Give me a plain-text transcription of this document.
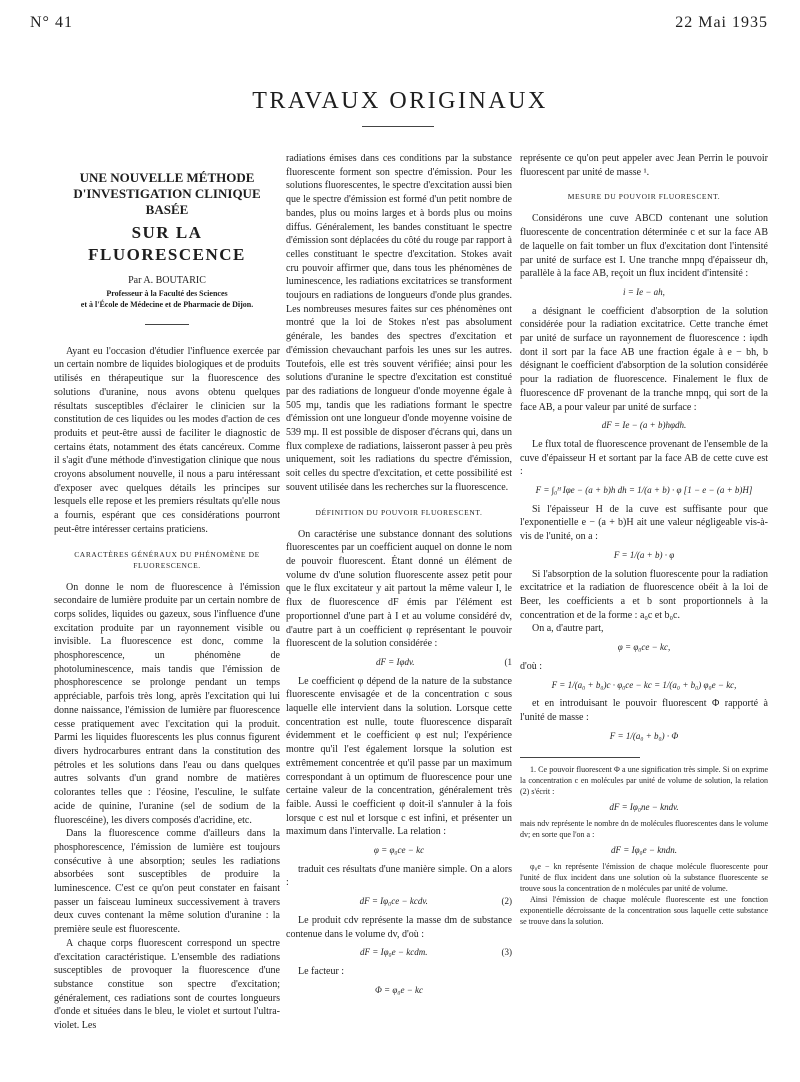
N° 41	22 Mai 1935
TRAVAUX ORIGINAUX
UNE NOUVELLE MÉTHODE
D'INVESTIGATION CLINIQUE
BASÉE
SUR LA FLUORESCENCE
Par A. BOUTARIC
Professeur à la Faculté des Sciences
et à l'École de Médecine et de Pharmacie de Dijon.

Ayant eu l'occasion d'étudier l'influence exercée par un certain nombre de liquides biologiques et de produits utilisés en thérapeutique sur la fluorescence des solutions d'uranine, nous avons obtenu quelques résultats susceptibles d'éclairer le clinicien sur la constitution de ces liquides ou les modes d'action de ces produits et peut-être aussi de faciliter le diagnostic de certains états, notamment des états cancéreux. Comme il s'agit d'une méthode d'investigation clinique que nous croyons absolument nouvelle, il nous a paru intéressant d'exposer avec quelques détails les principes sur lesquels elle repose et les premiers résultats qu'elle nous a fournis, espérant que ces considérations pourront peut-être intéresser certains praticiens.

CARACTÈRES GÉNÉRAUX DU PHÉNOMÈNE DE FLUORESCENCE.

On donne le nom de fluorescence à l'émission secondaire de lumière produite par un certain nombre de corps solides, liquides ou gazeux, sous l'influence d'une excitation produite par un rayonnement visible ou invisible. La fluorescence est donc, comme la phosphorescence, un phénomène de photoluminescence, mais tandis que l'émission de phosphorescence se prolonge pendant un temps appréciable, parfois très long, après l'excitation qui lui donne naissance, l'émission de lumière par fluorescence cesse pratiquement avec l'excitation qui la produit. Parmi les liquides fluorescents les plus connus figurent divers hydrocarbures entrant dans la constitution des pétroles et les solutions dans l'eau ou dans quelques autres solvants d'un grand nombre de matières colorantes telles que : l'éosine, l'esculine, le sulfate acide de quinine, l'uranine (sel de sodium de la fluorescéine), les divers composés d'acridine, etc.

Dans la fluorescence comme d'ailleurs dans la phosphorescence, l'émission de lumière est toujours consécutive à une absorption; seules les radiations absorbées sont susceptibles de produire la luminescence. C'est ce qu'on peut constater en faisant passer un faisceau lumineux successivement à travers deux cuves contenant la même solution d'uranine : la première seule est fluorescente.

A chaque corps fluorescent correspond un spectre d'excitation caractéristique. L'ensemble des radiations susceptibles de provoquer la fluorescence d'une substance constitue son spectre d'excitation; généralement, ces radiations sont de courtes longueurs d'onde et situées dans le bleu, le violet et surtout l'ultra-violet. Les

radiations émises dans ces conditions par la substance fluorescente forment son spectre d'émission. Pour les solutions fluorescentes, le spectre d'excitation aussi bien que le spectre d'émission est formé d'un petit nombre de bandes, plus ou moins larges et à bords plus ou moins diffus. Généralement, les bandes constituant le spectre d'émission sont déplacées du côté du rouge par rapport à celles constituant le spectre d'excitation. Stokes avait cru pouvoir affirmer que, dans tous les phénomènes de luminescence, les radiations excitatrices se transforment toujours en radiations de longueurs d'onde plus grandes. Les nombreuses mesures faites sur ces phénomènes ont montré que la loi de Stokes n'est pas absolument générale, les bandes des spectres d'excitation et d'émission chevauchant parfois les unes sur les autres. Toutefois, elle est très souvent vérifiée; ainsi pour les solutions d'uranine le spectre d'excitation est constitué par des radiations de longueur d'onde moyenne égale à 505 mμ, tandis que les radiations formant le spectre d'émission ont une longueur d'onde moyenne voisine de 539 mμ. Il est possible de disposer d'écrans qui, dans un flux complexe de radiations, laisseront passer à peu près uniquement, soit les radiations du spectre d'émission, soit celles du spectre d'excitation, et cette possibilité est souvent utilisée dans les recherches sur la fluorescence.

DÉFINITION DU POUVOIR FLUORESCENT.

On caractérise une substance donnant des solutions fluorescentes par un coefficient auquel on donne le nom de pouvoir fluorescent. Étant donné un élément de volume dv d'une solution fluorescente assez petit pour que le flux excitateur y ait partout la même valeur I, le flux de fluorescence dF émis par l'élément est proportionnel d'une part à I et au volume considéré dv, d'autre part à un coefficient φ représentant le pouvoir fluorescent de la solution considérée :

dF = Iφdv.	(1

Le coefficient φ dépend de la nature de la substance fluorescente envisagée et de la concentration c sous laquelle elle intervient dans la solution. Lorsque cette concentration est nulle, toute fluorescence disparaît évidemment et le coefficient φ est nul; l'expérience montre qu'il l'est également lorsque la solution est extrêmement concentrée et qu'il passe par un maximum correspondant à un optimum de fluorescence pour une certaine valeur de la concentration, généralement très faible. Aussi le coefficient φ doit-il s'annuler à la fois lorsque c est nul et lorsque c est infini, et présenter un maximum dans l'intervalle. La relation :

φ = φ₀ce − kc

traduit ces résultats d'une manière simple. On a alors :

dF = Iφ₀ce − kcdv.	(2)

Le produit cdv représente la masse dm de substance contenue dans le volume dv, d'où :

dF = Iφ₀e − kcdm.	(3)

Le facteur :

Φ = φ₀e − kc

représente ce qu'on peut appeler avec Jean Perrin le pouvoir fluorescent par unité de masse ¹.

MESURE DU POUVOIR FLUORESCENT.

Considérons une cuve ABCD contenant une solution fluorescente de concentration déterminée c et sur la face AB de laquelle on fait tomber un flux d'excitation dont l'intensité par unité de surface est I. Une tranche mnpq d'épaisseur dh, parallèle à la face AB, reçoit un flux incident d'intensité :

i = Ie − ah,

a désignant le coefficient d'absorption de la solution considérée pour la radiation excitatrice. Cette tranche émet par unité de surface un rayonnement de fluorescence : iφdh dont il sort par la face AB une fraction égale à e − bh, b désignant le coefficient d'absorption de la solution considérée pour la radiation de fluorescence. Finalement le flux de fluorescence dF provenant de la tranche mnpq, qui sort de la face AB, a pour valeur par unité de surface :

dF = Ie − (a + b)hφdh.

Le flux total de fluorescence provenant de l'ensemble de la cuve d'épaisseur H et sortant par la face AB de cette cuve est :

F = ∫₀ᴴ Iφe − (a + b)h dh = 1/(a + b) · φ [1 − e − (a + b)H]

Si l'épaisseur H de la cuve est suffisante pour que l'exponentielle e − (a + b)H ait une valeur négligeable vis-à-vis de l'unité, on a :

F = 1/(a + b) · φ

Si l'absorption de la solution fluorescente pour la radiation excitatrice et la radiation de fluorescence obéit à la loi de Beer, les coefficients a et b sont proportionnels à la concentration et de la forme : a₀c et b₀c.

On a, d'autre part,

φ = φ₀ce − kc,

d'où :

F = 1/(a₀ + b₀)c · φ₀ce − kc = 1/(a₀ + b₀) φ₀e − kc,

et en introduisant le pouvoir fluorescent Φ rapporté à l'unité de masse :

F = 1/(a₀ + b₀) · Φ

1. Ce pouvoir fluorescent Φ a une signification très simple. Si on exprime la concentration c en molécules par unité de volume de solution, la relation (2) s'écrit :

dF = Iφ₀ne − kndv.

mais ndv représente le nombre dn de molécules fluorescentes dans le volume dv; en sorte que l'on a :

dF = Iφ₀e − kndn.

φ₀e − kn représente l'émission de chaque molécule fluorescente pour l'unité de flux incident dans une solution où la substance fluorescente se trouve sous la concentration de n molécules par unité de volume.

Ainsi l'émission de chaque molécule fluorescente est une fonction exponentielle décroissante de la concentration sous laquelle cette substance se trouve dans la solution.
